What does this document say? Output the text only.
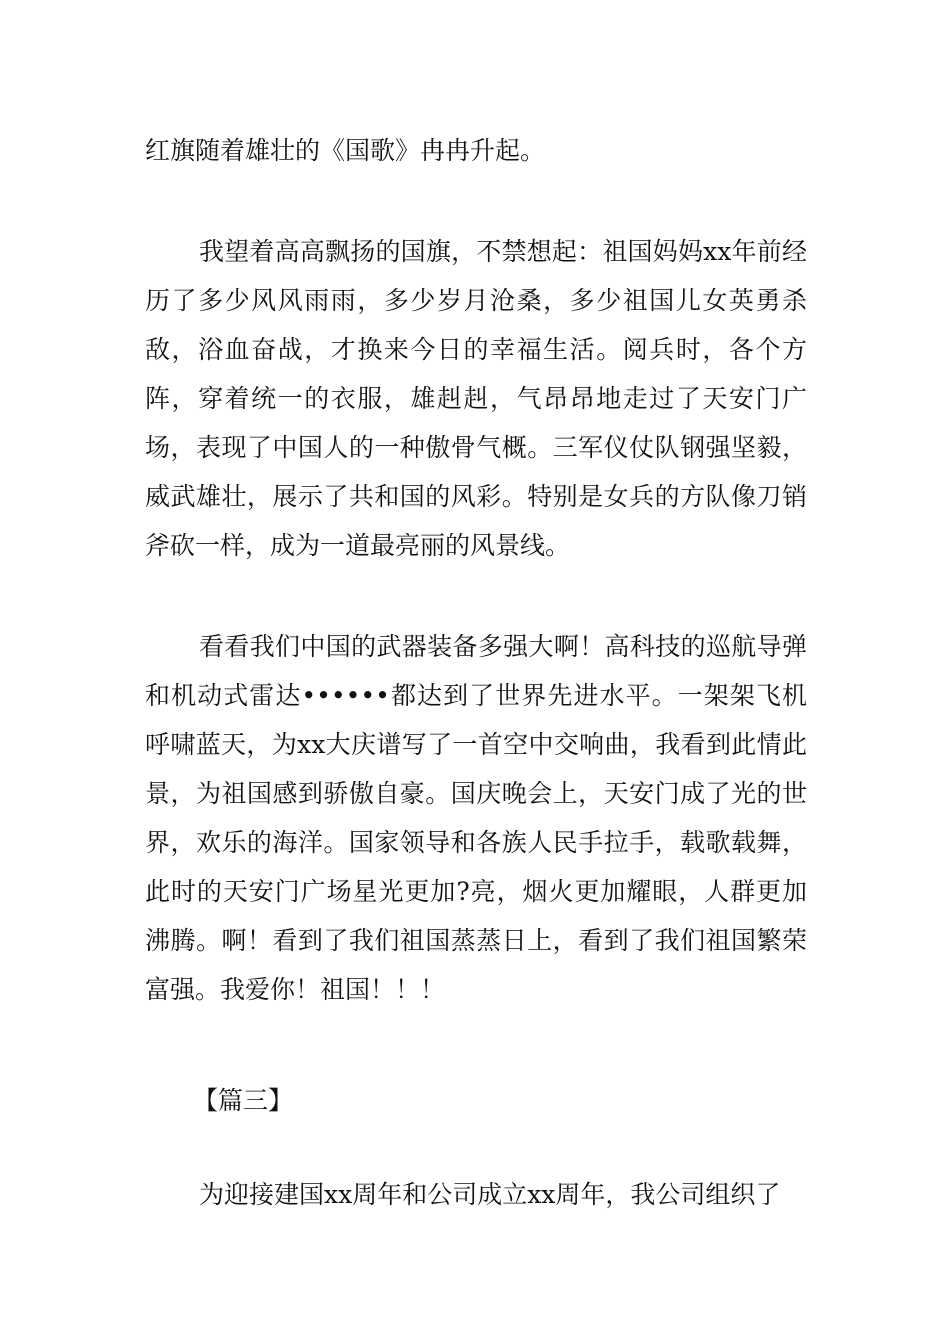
红旗随着雄壮的《国歌》冉冉升起。

我望着高高飘扬的国旗，不禁想起：祖国妈妈xx年前经历了多少风风雨雨，多少岁月沧桑，多少祖国儿女英勇杀敌，浴血奋战，才换来今日的幸福生活。阅兵时，各个方阵，穿着统一的衣服，雄赳赳，气昂昂地走过了天安门广场，表现了中国人的一种傲骨气概。三军仪仗队钢强坚毅，威武雄壮，展示了共和国的风彩。特别是女兵的方队像刀销斧砍一样，成为一道最亮丽的风景线。

看看我们中国的武器装备多强大啊！高科技的巡航导弹和机动式雷达••••••都达到了世界先进水平。一架架飞机呼啸蓝天，为xx大庆谱写了一首空中交响曲，我看到此情此景，为祖国感到骄傲自豪。国庆晚会上，天安门成了光的世界，欢乐的海洋。国家领导和各族人民手拉手，载歌载舞，此时的天安门广场星光更加?亮，烟火更加耀眼，人群更加沸腾。啊！看到了我们祖国蒸蒸日上，看到了我们祖国繁荣富强。我爱你！祖国！！！

【篇三】

为迎接建国xx周年和公司成立xx周年，我公司组织了
